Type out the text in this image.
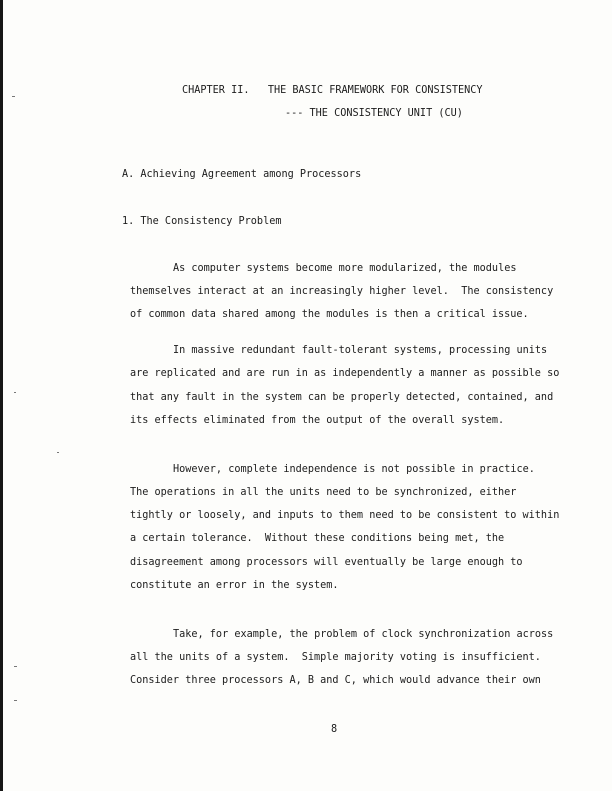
CHAPTER II.   THE BASIC FRAMEWORK FOR CONSISTENCY
--- THE CONSISTENCY UNIT (CU)
A. Achieving Agreement among Processors
1. The Consistency Problem
As computer systems become more modularized, the modules
themselves interact at an increasingly higher level.  The consistency
of common data shared among the modules is then a critical issue.
In massive redundant fault-tolerant systems, processing units
are replicated and are run in as independently a manner as possible so
that any fault in the system can be properly detected, contained, and
its effects eliminated from the output of the overall system.
However, complete independence is not possible in practice.
The operations in all the units need to be synchronized, either
tightly or loosely, and inputs to them need to be consistent to within
a certain tolerance.  Without these conditions being met, the
disagreement among processors will eventually be large enough to
constitute an error in the system.
Take, for example, the problem of clock synchronization across
all the units of a system.  Simple majority voting is insufficient.
Consider three processors A, B and C, which would advance their own
8
